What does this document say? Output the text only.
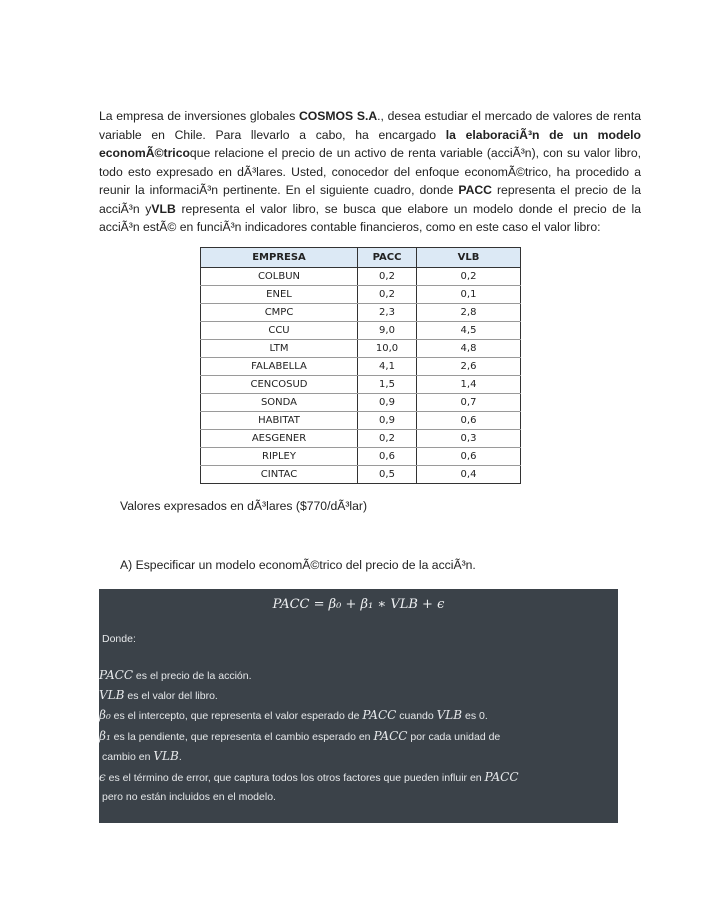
La empresa de inversiones globales COSMOS S.A., desea estudiar el mercado de valores de renta variable en Chile. Para llevarlo a cabo, ha encargado la elaboraciÃ³n de un modelo economÃ©tricoque relacione el precio de un activo de renta variable (acciÃ³n), con su valor libro, todo esto expresado en dÃ³lares. Usted, conocedor del enfoque economÃ©trico, ha procedido a reunir la informaciÃ³n pertinente. En el siguiente cuadro, donde PACC representa el precio de la acciÃ³n yVLB representa el valor libro, se busca que elabore un modelo donde el precio de la acciÃ³n estÃ© en funciÃ³n indicadores contable financieros, como en este caso el valor libro:
EMPRESA	PACC	VLB
COLBUN	0,2	0,2
ENEL	0,2	0,1
CMPC	2,3	2,8
CCU	9,0	4,5
LTM	10,0	4,8
FALABELLA	4,1	2,6
CENCOSUD	1,5	1,4
SONDA	0,9	0,7
HABITAT	0,9	0,6
AESGENER	0,2	0,3
RIPLEY	0,6	0,6
CINTAC	0,5	0,4
Valores expresados en dÃ³lares ($770/dÃ³lar)
A) Especificar un modelo economÃ©trico del precio de la acciÃ³n.
PACC = β₀ + β₁ ∗ VLB + ϵ
Donde:
PACC es el precio de la acción.
VLB es el valor del libro.
β₀ es el intercepto, que representa el valor esperado de PACC cuando VLB es 0.
β₁ es la pendiente, que representa el cambio esperado en PACC por cada unidad de
cambio en VLB.
ϵ es el término de error, que captura todos los otros factores que pueden influir en PACC
pero no están incluidos en el modelo.
